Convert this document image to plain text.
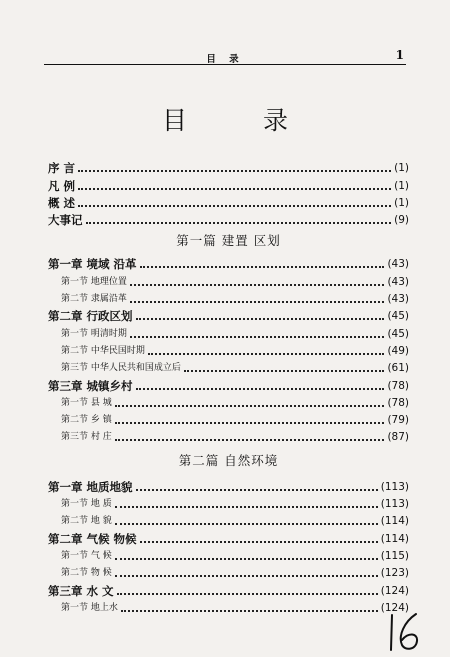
目 录	1
目 录
序 言	(1)
凡 例	(1)
概 述	(1)
大事记	(9)
第一篇 建置 区划
第一章 境域 沿革	(43)
第一节 地理位置	(43)
第二节 隶属沿革	(43)
第二章 行政区划	(45)
第一节 明清时期	(45)
第二节 中华民国时期	(49)
第三节 中华人民共和国成立后	(61)
第三章 城镇乡村	(78)
第一节 县 城	(78)
第二节 乡 镇	(79)
第三节 村 庄	(87)
第二篇 自然环境
第一章 地质地貌	(113)
第一节 地 质	(113)
第二节 地 貌	(114)
第二章 气候 物候	(114)
第一节 气 候	(115)
第二节 物 候	(123)
第三章 水 文	(124)
第一节 地上水	(124)
